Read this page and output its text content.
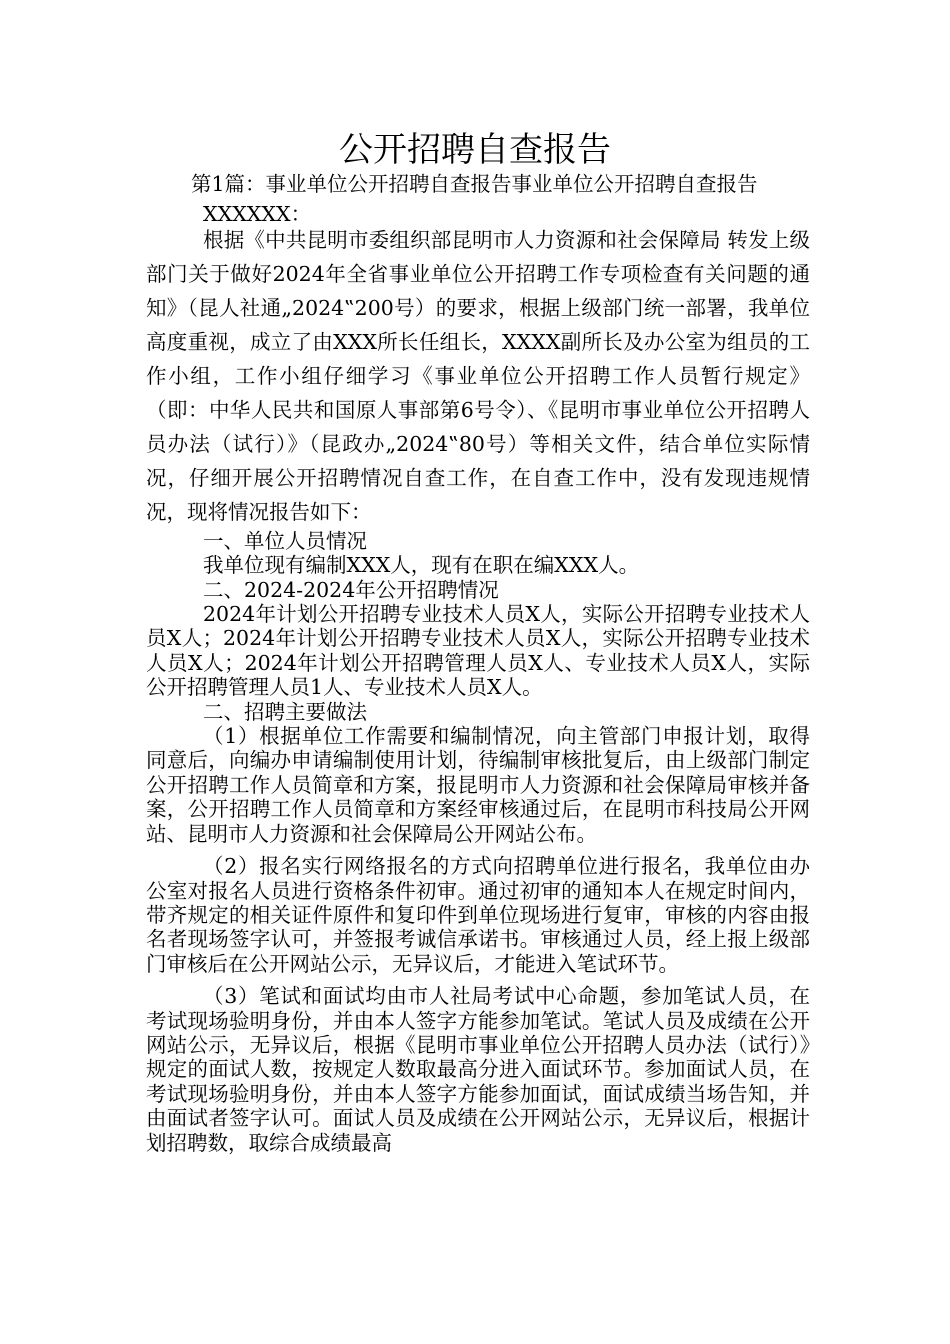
公开招聘自查报告

第1篇：事业单位公开招聘自查报告事业单位公开招聘自查报告

XXXXXX：

根据《中共昆明市委组织部昆明市人力资源和社会保障局 转发上级部门关于做好2024年全省事业单位公开招聘工作专项检查有关问题的通知》（昆人社通„2024‟200号）的要求，根据上级部门统一部署，我单位高度重视，成立了由XXX所长任组长，XXXX副所长及办公室为组员的工作小组，工作小组仔细学习《事业单位公开招聘工作人员暂行规定》（即：中华人民共和国原人事部第6号令）、《昆明市事业单位公开招聘人员办法（试行）》（昆政办„2024‟80号）等相关文件，结合单位实际情况，仔细开展公开招聘情况自查工作，在自查工作中，没有发现违规情况，现将情况报告如下：

一、单位人员情况

我单位现有编制XXX人，现有在职在编XXX人。

二、2024-2024年公开招聘情况

2024年计划公开招聘专业技术人员X人，实际公开招聘专业技术人员X人；2024年计划公开招聘专业技术人员X人，实际公开招聘专业技术人员X人；2024年计划公开招聘管理人员X人、专业技术人员X人，实际公开招聘管理人员1人、专业技术人员X人。

二、招聘主要做法

（1）根据单位工作需要和编制情况，向主管部门申报计划，取得同意后，向编办申请编制使用计划，待编制审核批复后，由上级部门制定公开招聘工作人员简章和方案，报昆明市人力资源和社会保障局审核并备案，公开招聘工作人员简章和方案经审核通过后，在昆明市科技局公开网站、昆明市人力资源和社会保障局公开网站公布。

（2）报名实行网络报名的方式向招聘单位进行报名，我单位由办公室对报名人员进行资格条件初审。通过初审的通知本人在规定时间内，带齐规定的相关证件原件和复印件到单位现场进行复审，审核的内容由报名者现场签字认可，并签报考诚信承诺书。审核通过人员，经上报上级部门审核后在公开网站公示，无异议后，才能进入笔试环节。

（3）笔试和面试均由市人社局考试中心命题，参加笔试人员，在考试现场验明身份，并由本人签字方能参加笔试。笔试人员及成绩在公开网站公示，无异议后，根据《昆明市事业单位公开招聘人员办法（试行）》规定的面试人数，按规定人数取最高分进入面试环节。参加面试人员，在考试现场验明身份，并由本人签字方能参加面试，面试成绩当场告知，并由面试者签字认可。面试人员及成绩在公开网站公示，无异议后，根据计划招聘数，取综合成绩最高
